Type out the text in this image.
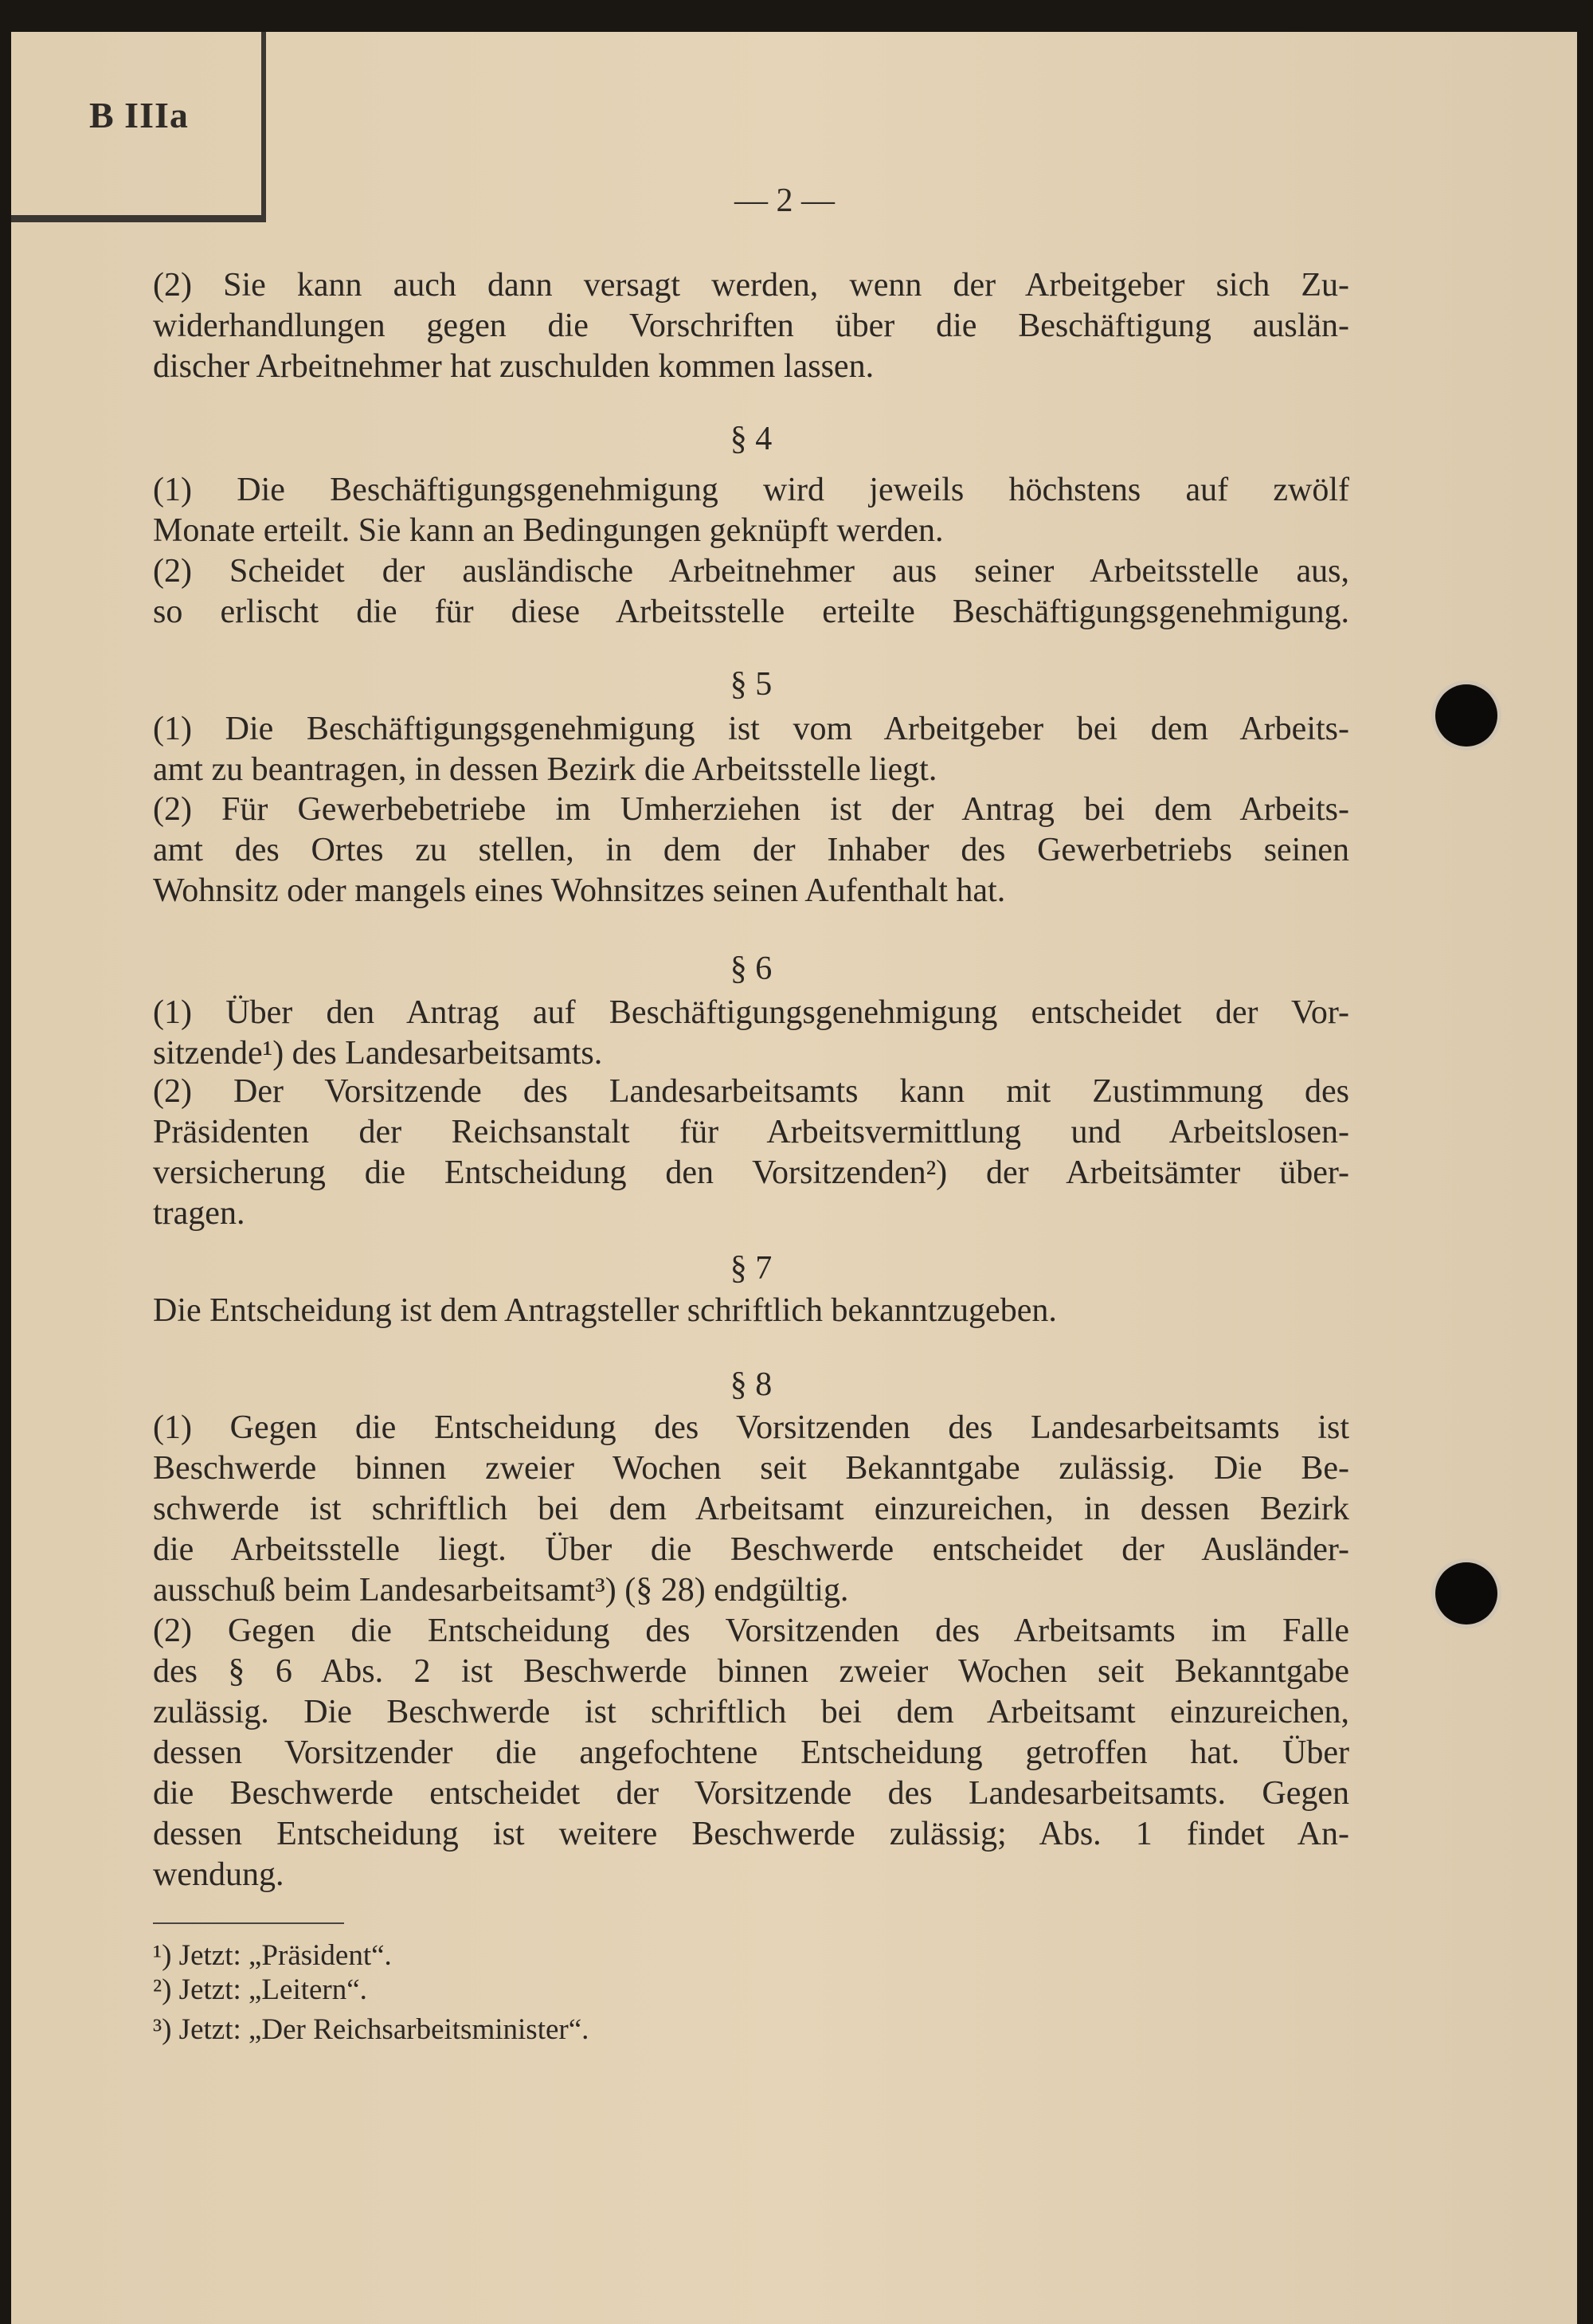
B IIIa
— 2 —
(2) Sie kann auch dann versagt werden, wenn der Arbeitgeber sich Zu-
widerhandlungen gegen die Vorschriften über die Beschäftigung auslän-
discher Arbeitnehmer hat zuschulden kommen lassen.
§ 4
(1) Die Beschäftigungsgenehmigung wird jeweils höchstens auf zwölf
Monate erteilt. Sie kann an Bedingungen geknüpft werden.
(2) Scheidet der ausländische Arbeitnehmer aus seiner Arbeitsstelle aus,
so erlischt die für diese Arbeitsstelle erteilte Beschäftigungsgenehmigung.
§ 5
(1) Die Beschäftigungsgenehmigung ist vom Arbeitgeber bei dem Arbeits-
amt zu beantragen, in dessen Bezirk die Arbeitsstelle liegt.
(2) Für Gewerbebetriebe im Umherziehen ist der Antrag bei dem Arbeits-
amt des Ortes zu stellen, in dem der Inhaber des Gewerbetriebs seinen
Wohnsitz oder mangels eines Wohnsitzes seinen Aufenthalt hat.
§ 6
(1) Über den Antrag auf Beschäftigungsgenehmigung entscheidet der Vor-
sitzende¹) des Landesarbeitsamts.
(2) Der Vorsitzende des Landesarbeitsamts kann mit Zustimmung des
Präsidenten der Reichsanstalt für Arbeitsvermittlung und Arbeitslosen-
versicherung die Entscheidung den Vorsitzenden²) der Arbeitsämter über-
tragen.
§ 7
Die Entscheidung ist dem Antragsteller schriftlich bekanntzugeben.
§ 8
(1) Gegen die Entscheidung des Vorsitzenden des Landesarbeitsamts ist
Beschwerde binnen zweier Wochen seit Bekanntgabe zulässig. Die Be-
schwerde ist schriftlich bei dem Arbeitsamt einzureichen, in dessen Bezirk
die Arbeitsstelle liegt. Über die Beschwerde entscheidet der Ausländer-
ausschuß beim Landesarbeitsamt³) (§ 28) endgültig.
(2) Gegen die Entscheidung des Vorsitzenden des Arbeitsamts im Falle
des § 6 Abs. 2 ist Beschwerde binnen zweier Wochen seit Bekanntgabe
zulässig. Die Beschwerde ist schriftlich bei dem Arbeitsamt einzureichen,
dessen Vorsitzender die angefochtene Entscheidung getroffen hat. Über
die Beschwerde entscheidet der Vorsitzende des Landesarbeitsamts. Gegen
dessen Entscheidung ist weitere Beschwerde zulässig; Abs. 1 findet An-
wendung.
¹) Jetzt: „Präsident“.
²) Jetzt: „Leitern“.
³) Jetzt: „Der Reichsarbeitsminister“.
